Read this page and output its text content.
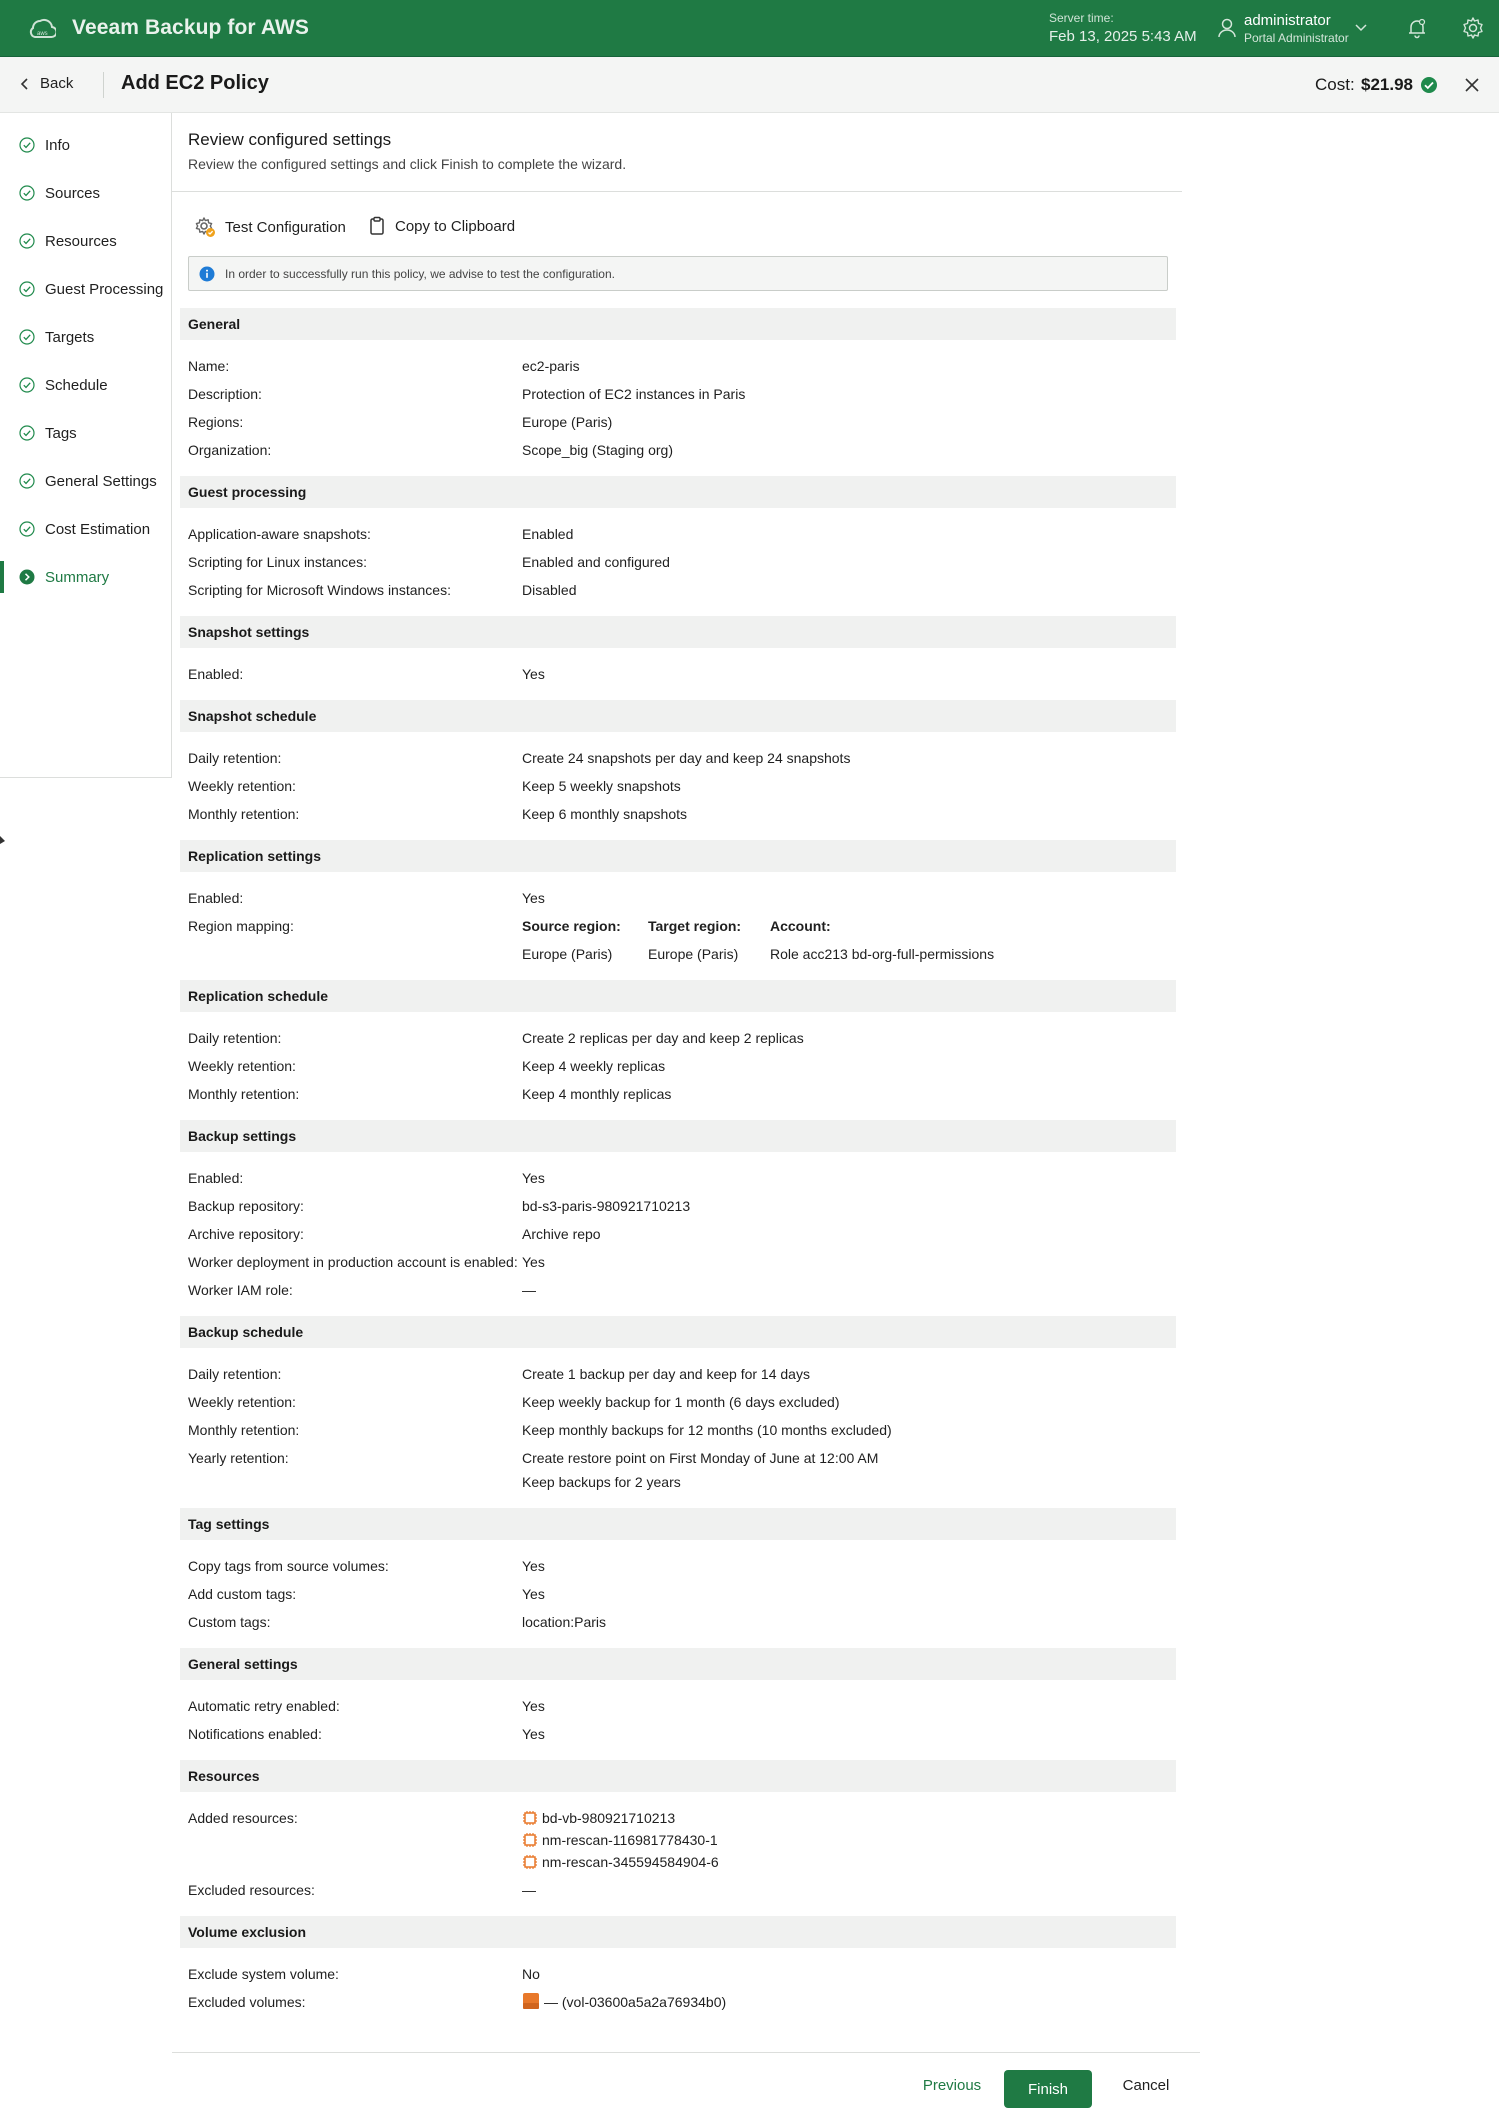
aws Veeam Backup for AWS	Server time:
Feb 13, 2025 5:43 AM
administrator
Portal Administrator
Back Add EC2 Policy	Cost: $21.98
Info
Sources
Resources
Guest Processing
Targets
Schedule
Tags
General Settings
Cost Estimation
Summary
Review configured settings
Review the configured settings and click Finish to complete the wizard.
Test Configuration	Copy to Clipboard
In order to successfully run this policy, we advise to test the configuration.
General
Name:	ec2-paris
Description:	Protection of EC2 instances in Paris
Regions:	Europe (Paris)
Organization:	Scope_big (Staging org)
Guest processing
Application-aware snapshots:	Enabled
Scripting for Linux instances:	Enabled and configured
Scripting for Microsoft Windows instances:	Disabled
Snapshot settings
Enabled:	Yes
Snapshot schedule
Daily retention:	Create 24 snapshots per day and keep 24 snapshots
Weekly retention:	Keep 5 weekly snapshots
Monthly retention:	Keep 6 monthly snapshots
Replication settings
Enabled:	Yes
Region mapping:	Source region: Target region: Account:
Europe (Paris)	Europe (Paris) Role acc213 bd-org-full-permissions
Replication schedule
Daily retention:	Create 2 replicas per day and keep 2 replicas
Weekly retention:	Keep 4 weekly replicas
Monthly retention:	Keep 4 monthly replicas
Backup settings
Enabled:	Yes
Backup repository:	bd-s3-paris-980921710213
Archive repository:	Archive repo
Worker deployment in production account is enabled: Yes
Worker IAM role:	—
Backup schedule
Daily retention:	Create 1 backup per day and keep for 14 days
Weekly retention:	Keep weekly backup for 1 month (6 days excluded)
Monthly retention:	Keep monthly backups for 12 months (10 months excluded)
Yearly retention:	Create restore point on First Monday of June at 12:00 AM
Keep backups for 2 years
Tag settings
Copy tags from source volumes:	Yes
Add custom tags:	Yes
Custom tags:	location:Paris
General settings
Automatic retry enabled:	Yes
Notifications enabled:	Yes
Resources
Added resources:	bd-vb-980921710213
nm-rescan-116981778430-1
nm-rescan-345594584904-6
Excluded resources:	—
Volume exclusion
Exclude system volume:	No
Excluded volumes:	— (vol-03600a5a2a76934b0)
Previous	Finish	Cancel
